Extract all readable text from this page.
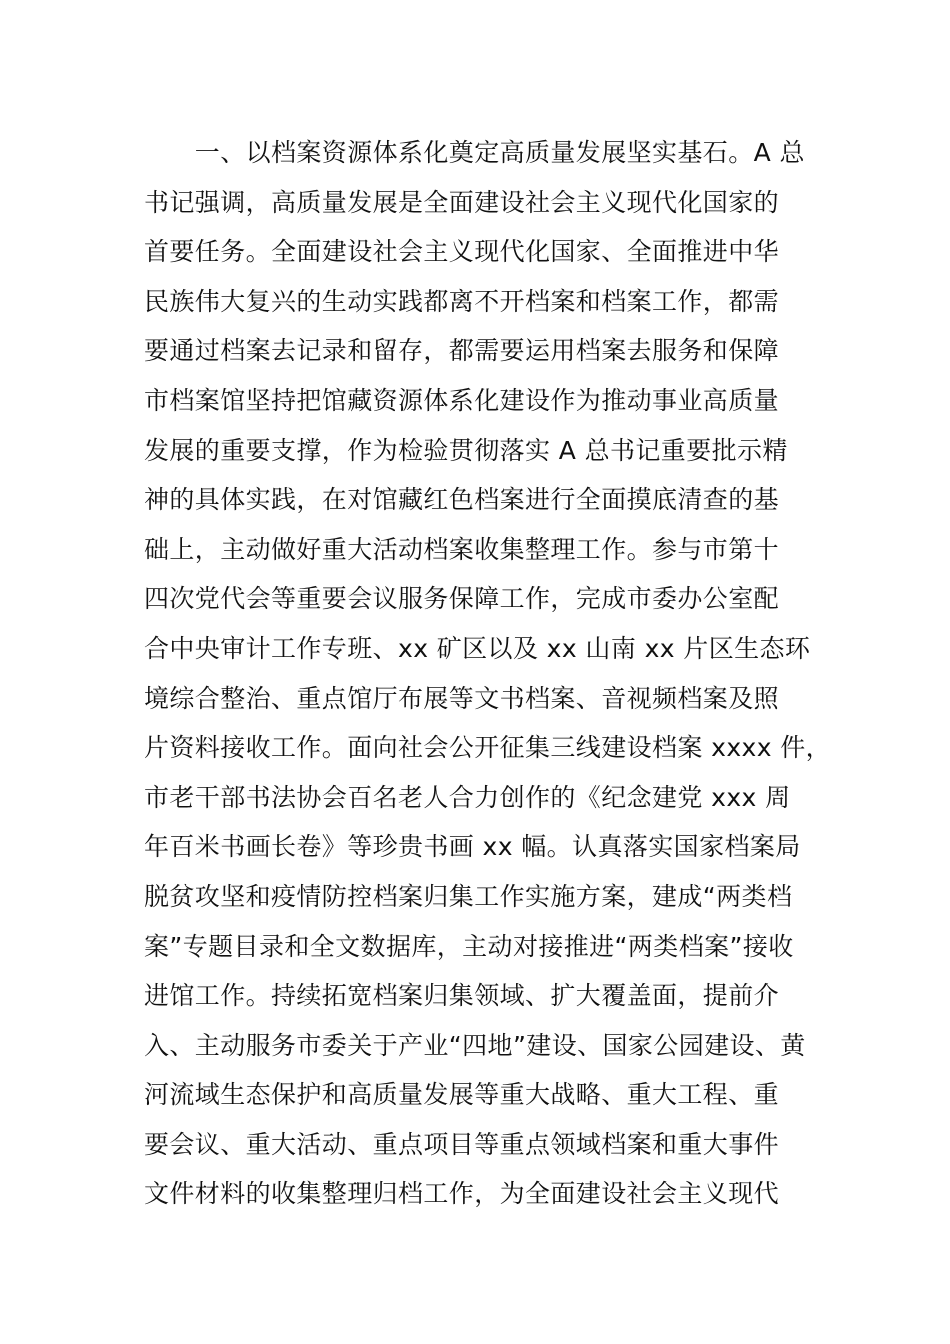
　　一、以档案资源体系化奠定高质量发展坚实基石。A 总
书记强调，高质量发展是全面建设社会主义现代化国家的
首要任务。全面建设社会主义现代化国家、全面推进中华
民族伟大复兴的生动实践都离不开档案和档案工作，都需
要通过档案去记录和留存，都需要运用档案去服务和保障
市档案馆坚持把馆藏资源体系化建设作为推动事业高质量
发展的重要支撑，作为检验贯彻落实 A 总书记重要批示精
神的具体实践，在对馆藏红色档案进行全面摸底清查的基
础上，主动做好重大活动档案收集整理工作。参与市第十
四次党代会等重要会议服务保障工作，完成市委办公室配
合中央审计工作专班、xx 矿区以及 xx 山南 xx 片区生态环
境综合整治、重点馆厅布展等文书档案、音视频档案及照
片资料接收工作。面向社会公开征集三线建设档案 xxxx 件，
市老干部书法协会百名老人合力创作的《纪念建党 xxx 周
年百米书画长卷》等珍贵书画 xx 幅。认真落实国家档案局
脱贫攻坚和疫情防控档案归集工作实施方案，建成“两类档
案”专题目录和全文数据库，主动对接推进“两类档案”接收
进馆工作。持续拓宽档案归集领域、扩大覆盖面，提前介
入、主动服务市委关于产业“四地”建设、国家公园建设、黄
河流域生态保护和高质量发展等重大战略、重大工程、重
要会议、重大活动、重点项目等重点领域档案和重大事件
文件材料的收集整理归档工作，为全面建设社会主义现代
